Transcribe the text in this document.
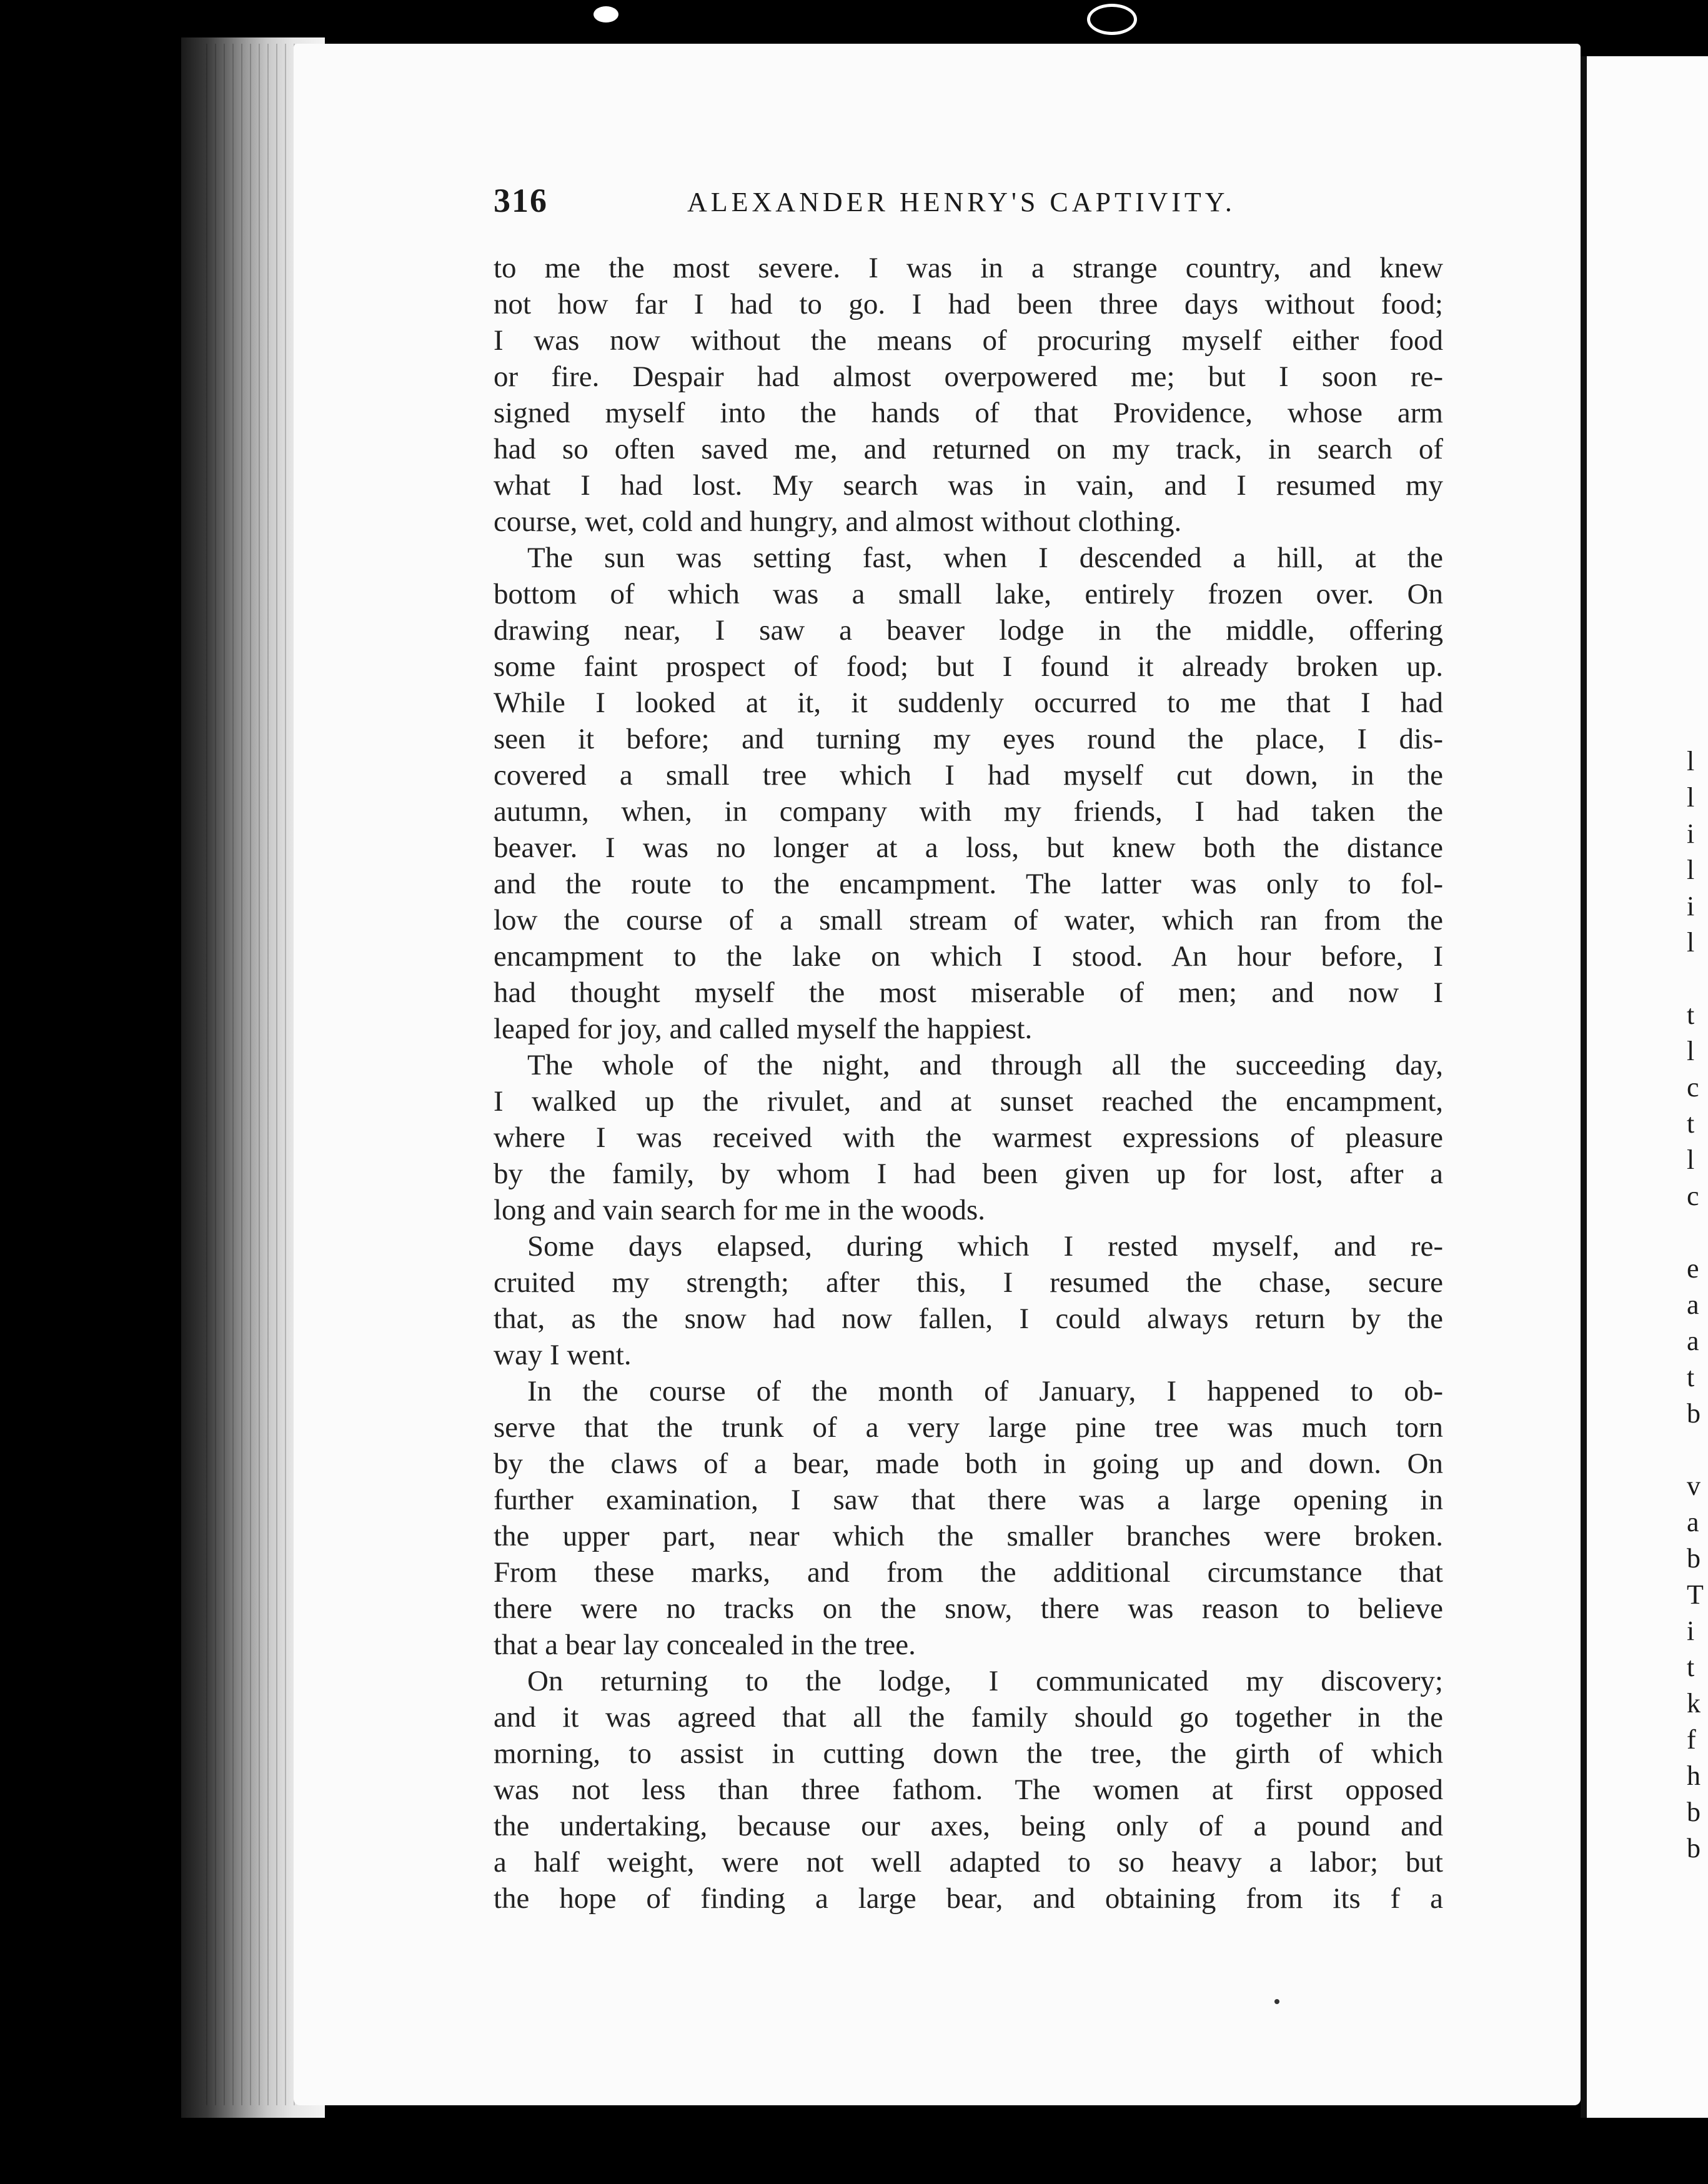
316	ALEXANDER HENRY'S CAPTIVITY.
to me the most severe. I was in a strange country, and knew
not how far I had to go. I had been three days without food;
I was now without the means of procuring myself either food
or fire. Despair had almost overpowered me; but I soon re-
signed myself into the hands of that Providence, whose arm
had so often saved me, and returned on my track, in search of
what I had lost. My search was in vain, and I resumed my
course, wet, cold and hungry, and almost without clothing.
The sun was setting fast, when I descended a hill, at the
bottom of which was a small lake, entirely frozen over. On
drawing near, I saw a beaver lodge in the middle, offering
some faint prospect of food; but I found it already broken up.
While I looked at it, it suddenly occurred to me that I had
seen it before; and turning my eyes round the place, I dis-
covered a small tree which I had myself cut down, in the
autumn, when, in company with my friends, I had taken the
beaver. I was no longer at a loss, but knew both the distance
and the route to the encampment. The latter was only to fol-
low the course of a small stream of water, which ran from the
encampment to the lake on which I stood. An hour before, I
had thought myself the most miserable of men; and now I
leaped for joy, and called myself the happiest.
The whole of the night, and through all the succeeding day,
I walked up the rivulet, and at sunset reached the encampment,
where I was received with the warmest expressions of pleasure
by the family, by whom I had been given up for lost, after a
long and vain search for me in the woods.
Some days elapsed, during which I rested myself, and re-
cruited my strength; after this, I resumed the chase, secure
that, as the snow had now fallen, I could always return by the
way I went.
In the course of the month of January, I happened to ob-
serve that the trunk of a very large pine tree was much torn
by the claws of a bear, made both in going up and down. On
further examination, I saw that there was a large opening in
the upper part, near which the smaller branches were broken.
From these marks, and from the additional circumstance that
there were no tracks on the snow, there was reason to believe
that a bear lay concealed in the tree.
On returning to the lodge, I communicated my discovery;
and it was agreed that all the family should go together in the
morning, to assist in cutting down the tree, the girth of which
was not less than three fathom. The women at first opposed
the undertaking, because our axes, being only of a pound and
a half weight, were not well adapted to so heavy a labor; but
the hope of finding a large bear, and obtaining from its f a
l
l
i
l
i
l
t
l
c
t
l
c
e
a
a
t
b
v
a
b
T
i
t
k
f
h
b
b
